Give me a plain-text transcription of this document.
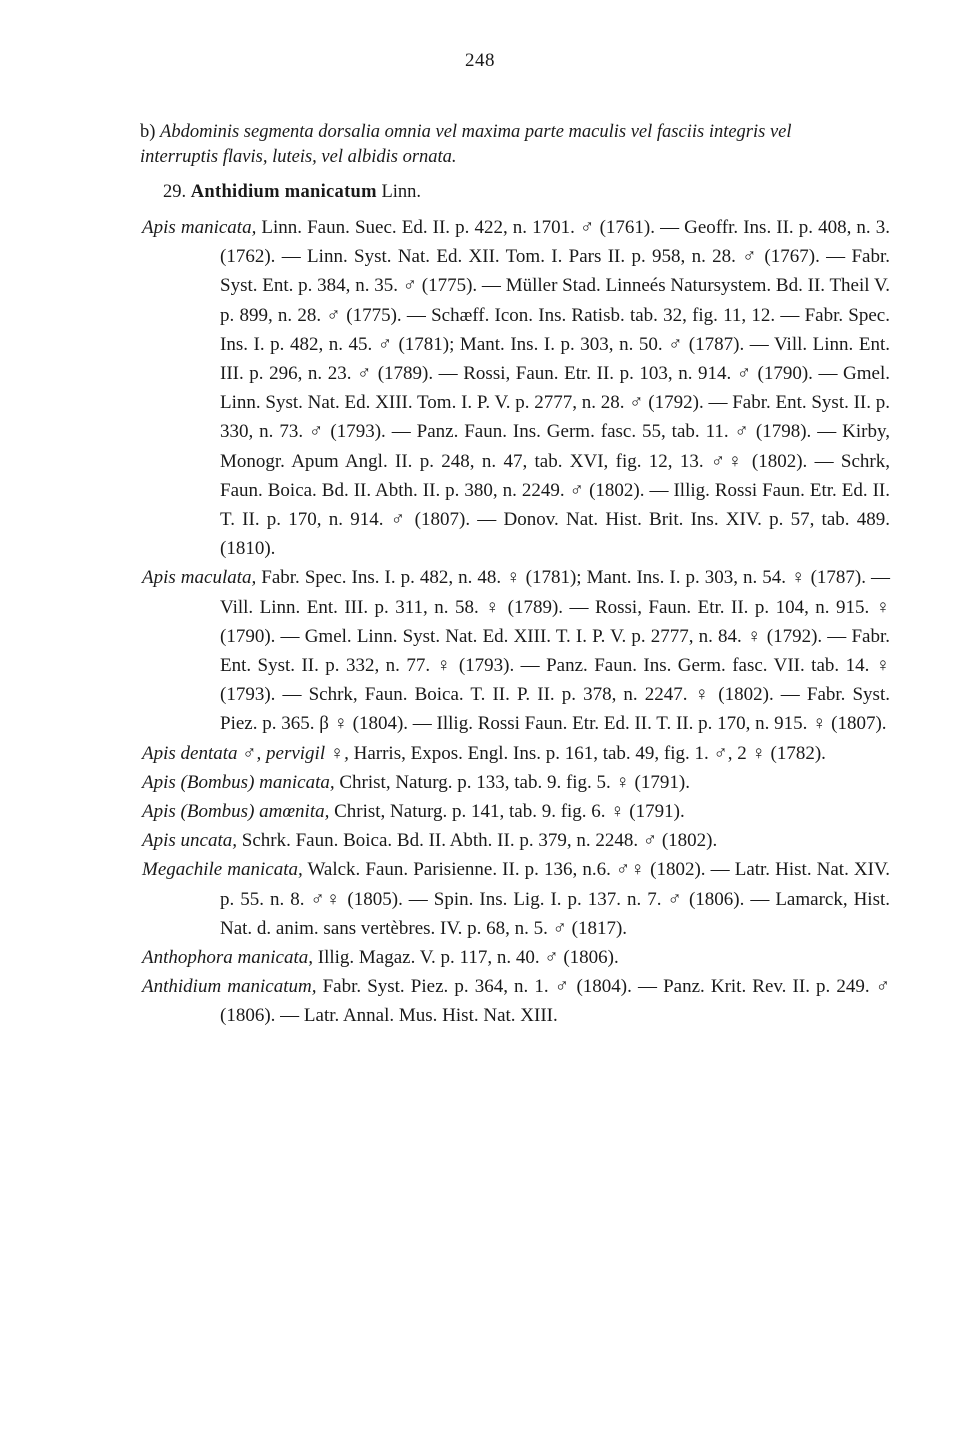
248
b) Abdominis segmenta dorsalia omnia vel maxima parte maculis vel fasciis integris vel interruptis flavis, luteis, vel albidis ornata.
29. Anthidium manicatum Linn.

Apis manicata, Linn. Faun. Suec. Ed. II. p. 422, n. 1701. ♂ (1761). — Geoffr. Ins. II. p. 408, n. 3. (1762). — Linn. Syst. Nat. Ed. XII. Tom. I. Pars II. p. 958, n. 28. ♂ (1767). — Fabr. Syst. Ent. p. 384, n. 35. ♂ (1775). — Müller Stad. Linneés Natursystem. Bd. II. Theil V. p. 899, n. 28. ♂ (1775). — Schæff. Icon. Ins. Ratisb. tab. 32, fig. 11, 12. — Fabr. Spec. Ins. I. p. 482, n. 45. ♂ (1781); Mant. Ins. I. p. 303, n. 50. ♂ (1787). — Vill. Linn. Ent. III. p. 296, n. 23. ♂ (1789). — Rossi, Faun. Etr. II. p. 103, n. 914. ♂ (1790). — Gmel. Linn. Syst. Nat. Ed. XIII. Tom. I. P. V. p. 2777, n. 28. ♂ (1792). — Fabr. Ent. Syst. II. p. 330, n. 73. ♂ (1793). — Panz. Faun. Ins. Germ. fasc. 55, tab. 11. ♂ (1798). — Kirby, Monogr. Apum Angl. II. p. 248, n. 47, tab. XVI, fig. 12, 13. ♂♀ (1802). — Schrk, Faun. Boica. Bd. II. Abth. II. p. 380, n. 2249. ♂ (1802). — Illig. Rossi Faun. Etr. Ed. II. T. II. p. 170, n. 914. ♂ (1807). — Donov. Nat. Hist. Brit. Ins. XIV. p. 57, tab. 489. (1810).

Apis maculata, Fabr. Spec. Ins. I. p. 482, n. 48. ♀ (1781); Mant. Ins. I. p. 303, n. 54. ♀ (1787). — Vill. Linn. Ent. III. p. 311, n. 58. ♀ (1789). — Rossi, Faun. Etr. II. p. 104, n. 915. ♀ (1790). — Gmel. Linn. Syst. Nat. Ed. XIII. T. I. P. V. p. 2777, n. 84. ♀ (1792). — Fabr. Ent. Syst. II. p. 332, n. 77. ♀ (1793). — Panz. Faun. Ins. Germ. fasc. VII. tab. 14. ♀ (1793). — Schrk, Faun. Boica. T. II. P. II. p. 378, n. 2247. ♀ (1802). — Fabr. Syst. Piez. p. 365. β ♀ (1804). — Illig. Rossi Faun. Etr. Ed. II. T. II. p. 170, n. 915. ♀ (1807).

Apis dentata ♂, pervigil ♀, Harris, Expos. Engl. Ins. p. 161, tab. 49, fig. 1. ♂, 2 ♀ (1782).

Apis (Bombus) manicata, Christ, Naturg. p. 133, tab. 9. fig. 5. ♀ (1791).

Apis (Bombus) amœnita, Christ, Naturg. p. 141, tab. 9. fig. 6. ♀ (1791).

Apis uncata, Schrk. Faun. Boica. Bd. II. Abth. II. p. 379, n. 2248. ♂ (1802).

Megachile manicata, Walck. Faun. Parisienne. II. p. 136, n.6. ♂♀ (1802). — Latr. Hist. Nat. XIV. p. 55. n. 8. ♂♀ (1805). — Spin. Ins. Lig. I. p. 137. n. 7. ♂ (1806). — Lamarck, Hist. Nat. d. anim. sans vertèbres. IV. p. 68, n. 5. ♂ (1817).

Anthophora manicata, Illig. Magaz. V. p. 117, n. 40. ♂ (1806).

Anthidium manicatum, Fabr. Syst. Piez. p. 364, n. 1. ♂ (1804). — Panz. Krit. Rev. II. p. 249. ♂ (1806). — Latr. Annal. Mus. Hist. Nat. XIII.
